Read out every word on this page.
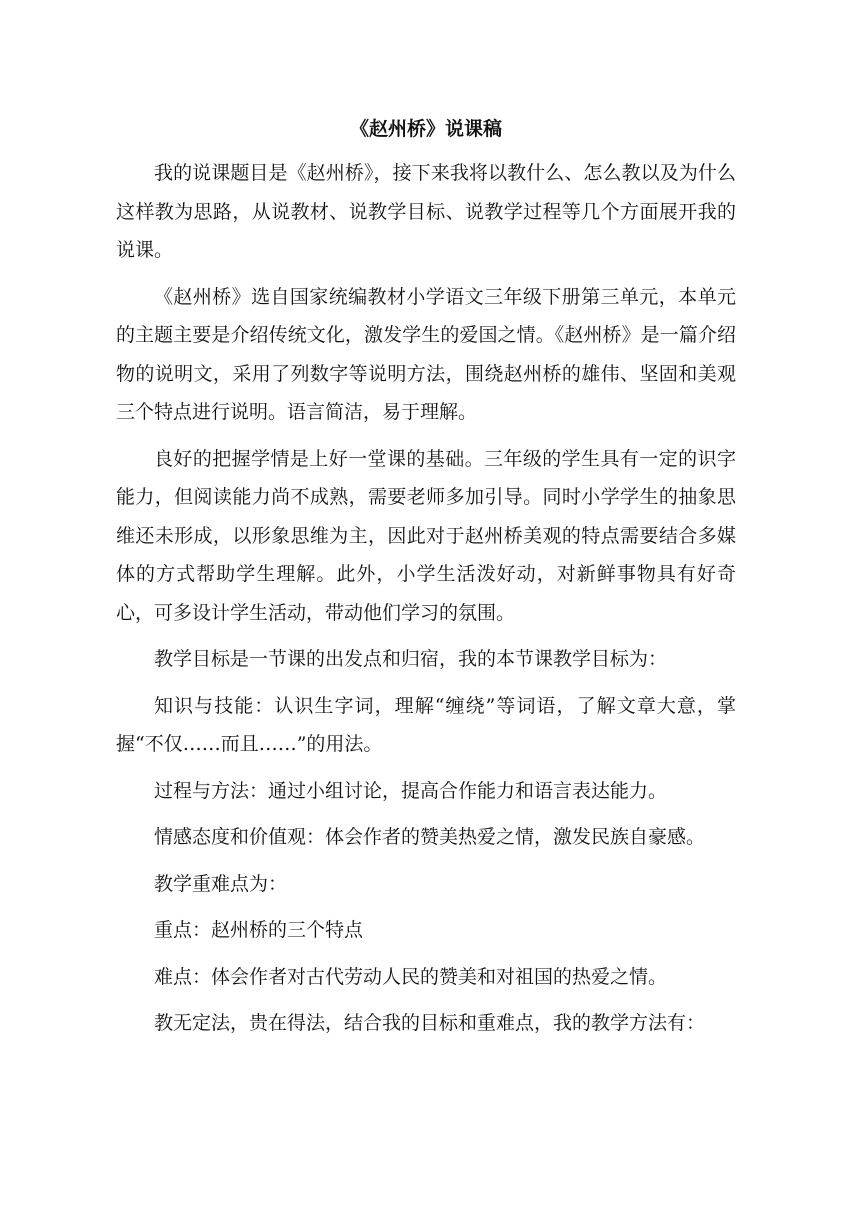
《赵州桥》说课稿

我的说课题目是《赵州桥》，接下来我将以教什么、怎么教以及为什么这样教为思路，从说教材、说教学目标、说教学过程等几个方面展开我的说课。

《赵州桥》选自国家统编教材小学语文三年级下册第三单元，本单元的主题主要是介绍传统文化，激发学生的爱国之情。《赵州桥》是一篇介绍物的说明文，采用了列数字等说明方法，围绕赵州桥的雄伟、坚固和美观三个特点进行说明。语言简洁，易于理解。

良好的把握学情是上好一堂课的基础。三年级的学生具有一定的识字能力，但阅读能力尚不成熟，需要老师多加引导。同时小学学生的抽象思维还未形成，以形象思维为主，因此对于赵州桥美观的特点需要结合多媒体的方式帮助学生理解。此外，小学生活泼好动，对新鲜事物具有好奇心，可多设计学生活动，带动他们学习的氛围。

教学目标是一节课的出发点和归宿，我的本节课教学目标为：

知识与技能：认识生字词，理解“缠绕”等词语，了解文章大意，掌握“不仅……而且……”的用法。

过程与方法：通过小组讨论，提高合作能力和语言表达能力。

情感态度和价值观：体会作者的赞美热爱之情，激发民族自豪感。

教学重难点为：

重点：赵州桥的三个特点

难点：体会作者对古代劳动人民的赞美和对祖国的热爱之情。

教无定法，贵在得法，结合我的目标和重难点，我的教学方法有：
